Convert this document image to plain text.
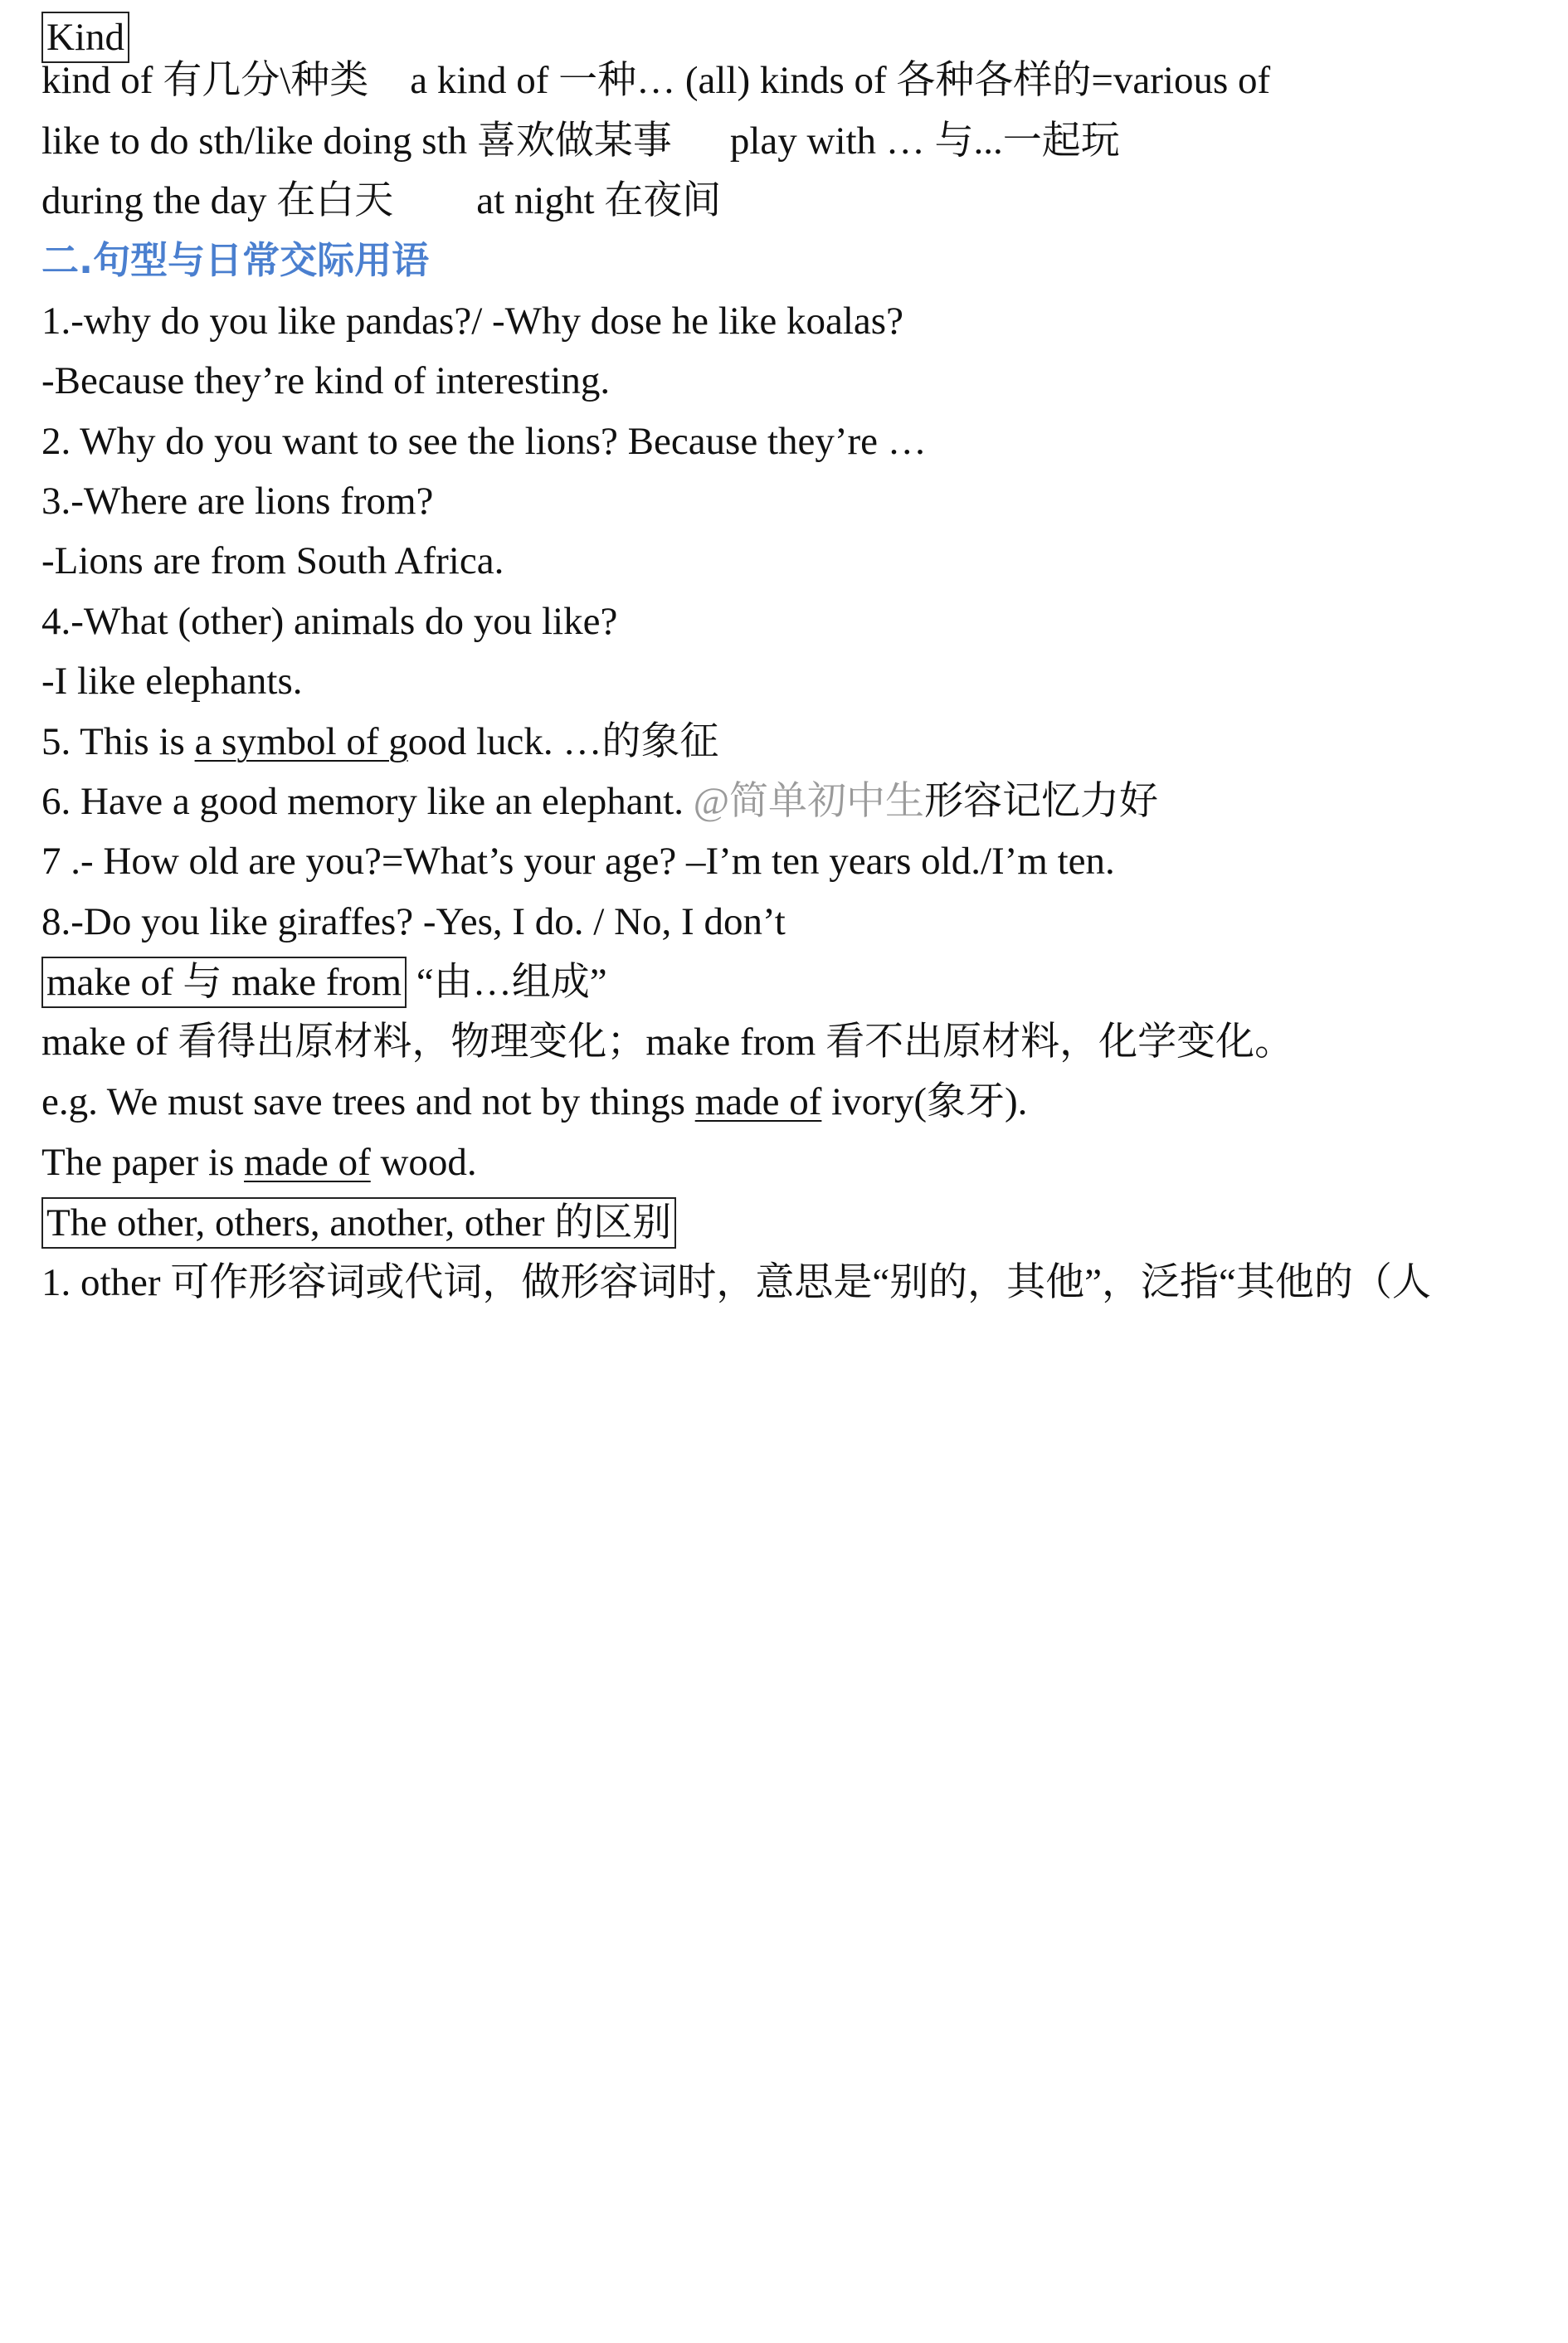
Kind
kind of 有几分\种类 a kind of 一种… (all) kinds of 各种各样的=various of
like to do sth/like doing sth 喜欢做某事 play with … 与...一起玩
during the day 在白天 at night 在夜间
二.句型与日常交际用语
1.-why do you like pandas?/ -Why dose he like koalas?
-Because they’re kind of interesting.
2. Why do you want to see the lions? Because they’re …
3.-Where are lions from?
-Lions are from South Africa.
4.-What (other) animals do you like?
-I like elephants.
5. This is a symbol of good luck. …的象征
6. Have a good memory like an elephant. @简单初中生形容记忆力好
7 .- How old are you?=What’s your age? –I’m ten years old./I’m ten.
8.-Do you like giraffes? -Yes, I do. / No, I don’t
make of 与 make from “由…组成”
make of 看得出原材料，物理变化；make from 看不出原材料，化学变化。
e.g. We must save trees and not by things made of ivory(象牙).
The paper is made of wood.
The other, others, another, other 的区别
1. other 可作形容词或代词，做形容词时，意思是“别的，其他”，泛指“其他的（人
